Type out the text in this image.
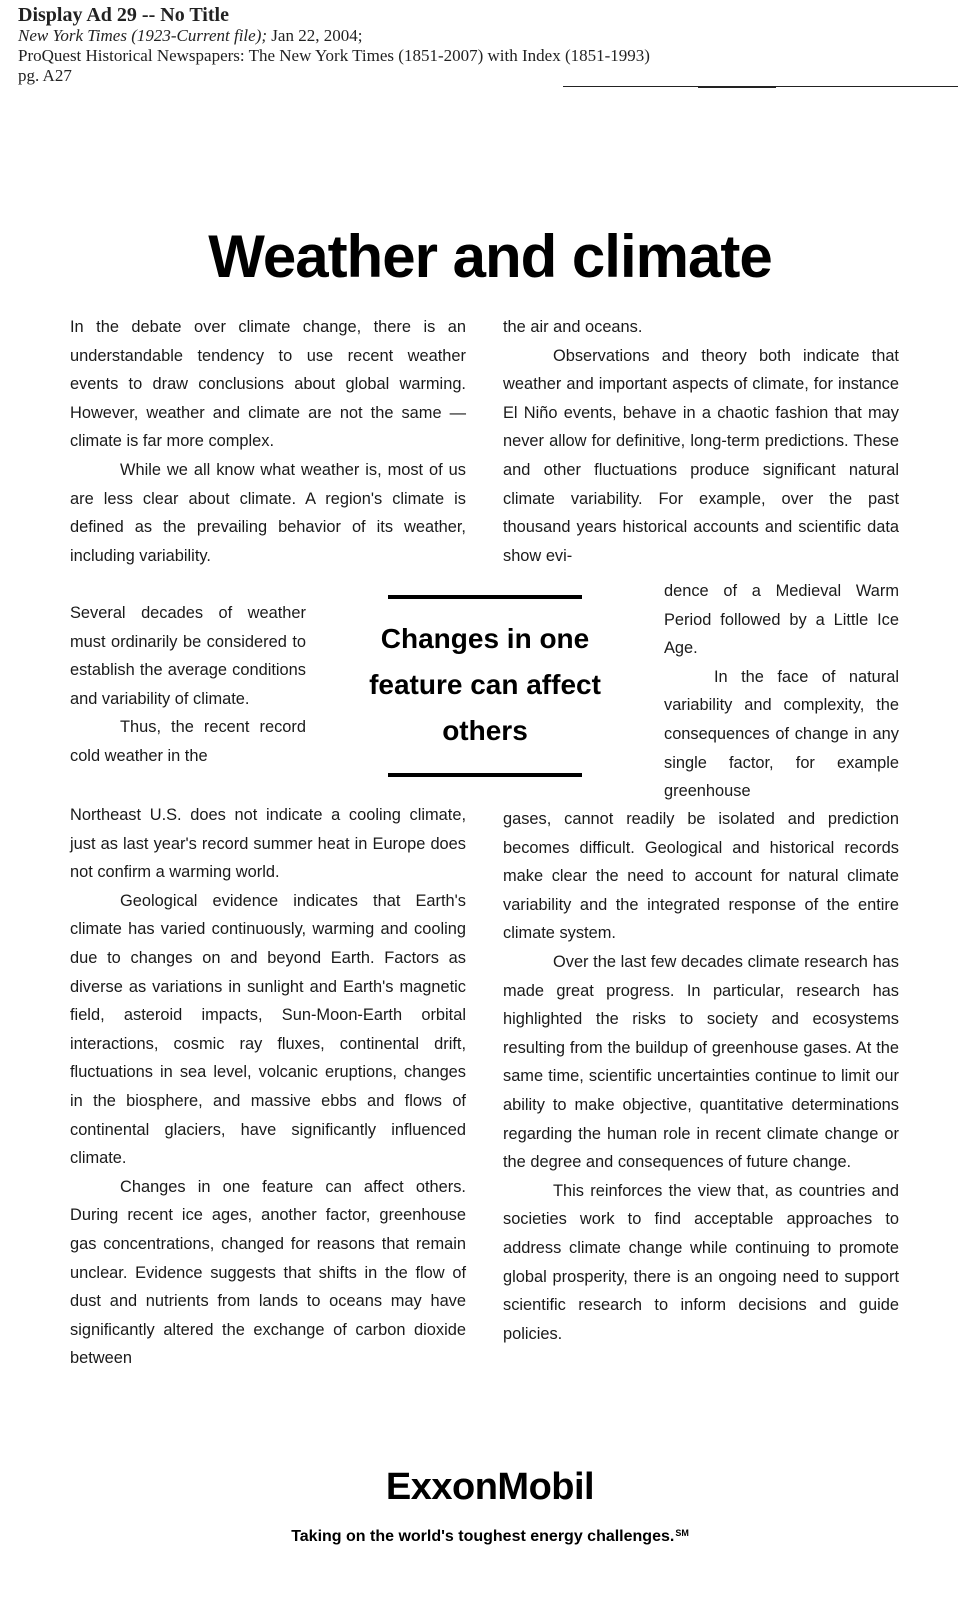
Display Ad 29 -- No Title
New York Times (1923-Current file); Jan 22, 2004;
ProQuest Historical Newspapers: The New York Times (1851-2007) with Index (1851-1993)
pg. A27
Weather and climate

In the debate over climate change, there is an understandable tendency to use recent weather events to draw conclusions about global warming. However, weather and climate are not the same — climate is far more complex.

While we all know what weather is, most of us are less clear about climate. A region's climate is defined as the prevailing behavior of its weather, including variability.

Several decades of weather must ordinarily be considered to establish the average conditions and variability of climate.

Thus, the recent record cold weather in the

Northeast U.S. does not indicate a cooling climate, just as last year's record summer heat in Europe does not confirm a warming world.

Geological evidence indicates that Earth's climate has varied continuously, warming and cooling due to changes on and beyond Earth. Factors as diverse as variations in sunlight and Earth's magnetic field, asteroid impacts, Sun-Moon-Earth orbital interactions, cosmic ray fluxes, continental drift, fluctuations in sea level, volcanic eruptions, changes in the biosphere, and massive ebbs and flows of continental glaciers, have significantly influenced climate.

Changes in one feature can affect others. During recent ice ages, another factor, greenhouse gas concentrations, changed for reasons that remain unclear. Evidence suggests that shifts in the flow of dust and nutrients from lands to oceans may have significantly altered the exchange of carbon dioxide between

the air and oceans.

Observations and theory both indicate that weather and important aspects of climate, for instance El Niño events, behave in a chaotic fashion that may never allow for definitive, long-term predictions. These and other fluctuations produce significant natural climate variability. For example, over the past thousand years historical accounts and scientific data show evi-

dence of a Medieval Warm Period followed by a Little Ice Age.

In the face of natural variability and complexity, the consequences of change in any single factor, for example greenhouse

gases, cannot readily be isolated and prediction becomes difficult. Geological and historical records make clear the need to account for natural climate variability and the integrated response of the entire climate system.

Over the last few decades climate research has made great progress. In particular, research has highlighted the risks to society and ecosystems resulting from the buildup of greenhouse gases. At the same time, scientific uncertainties continue to limit our ability to make objective, quantitative determinations regarding the human role in recent climate change or the degree and consequences of future change.

This reinforces the view that, as countries and societies work to find acceptable approaches to address climate change while continuing to promote global prosperity, there is an ongoing need to support scientific research to inform decisions and guide policies.

Changes in one feature can affect others
ExxonMobil
Taking on the world's toughest energy challenges.℠
